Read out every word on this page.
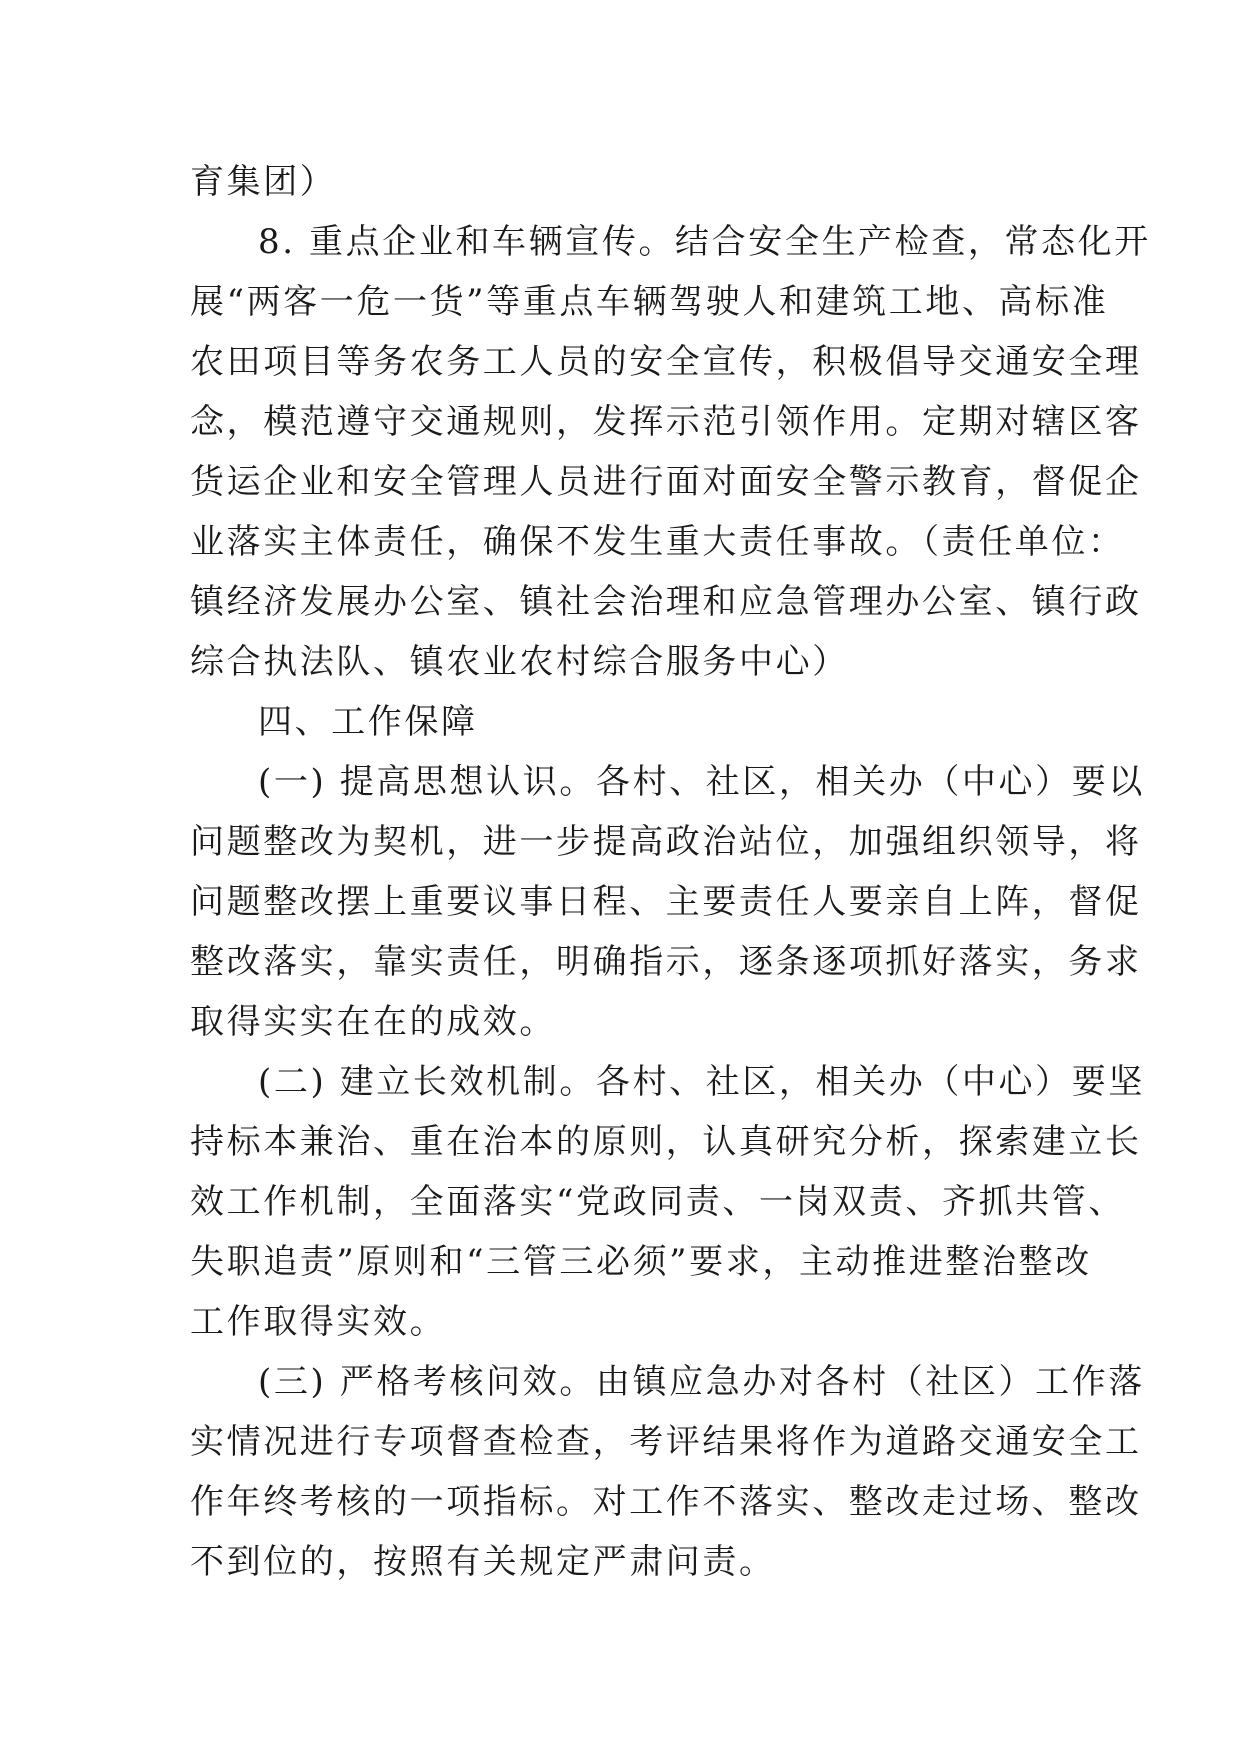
育集团）
8. 重点企业和车辆宣传。结合安全生产检查，常态化开
展“两客一危一货”等重点车辆驾驶人和建筑工地、高标准
农田项目等务农务工人员的安全宣传，积极倡导交通安全理
念，模范遵守交通规则，发挥示范引领作用。定期对辖区客
货运企业和安全管理人员进行面对面安全警示教育，督促企
业落实主体责任，确保不发生重大责任事故。（责任单位：
镇经济发展办公室、镇社会治理和应急管理办公室、镇行政
综合执法队、镇农业农村综合服务中心）
四、工作保障
(一) 提高思想认识。各村、社区，相关办（中心）要以
问题整改为契机，进一步提高政治站位，加强组织领导，将
问题整改摆上重要议事日程、主要责任人要亲自上阵，督促
整改落实，靠实责任，明确指示，逐条逐项抓好落实，务求
取得实实在在的成效。
(二) 建立长效机制。各村、社区，相关办（中心）要坚
持标本兼治、重在治本的原则，认真研究分析，探索建立长
效工作机制，全面落实“党政同责、一岗双责、齐抓共管、
失职追责”原则和“三管三必须”要求，主动推进整治整改
工作取得实效。
(三) 严格考核问效。由镇应急办对各村（社区）工作落
实情况进行专项督查检查，考评结果将作为道路交通安全工
作年终考核的一项指标。对工作不落实、整改走过场、整改
不到位的，按照有关规定严肃问责。
